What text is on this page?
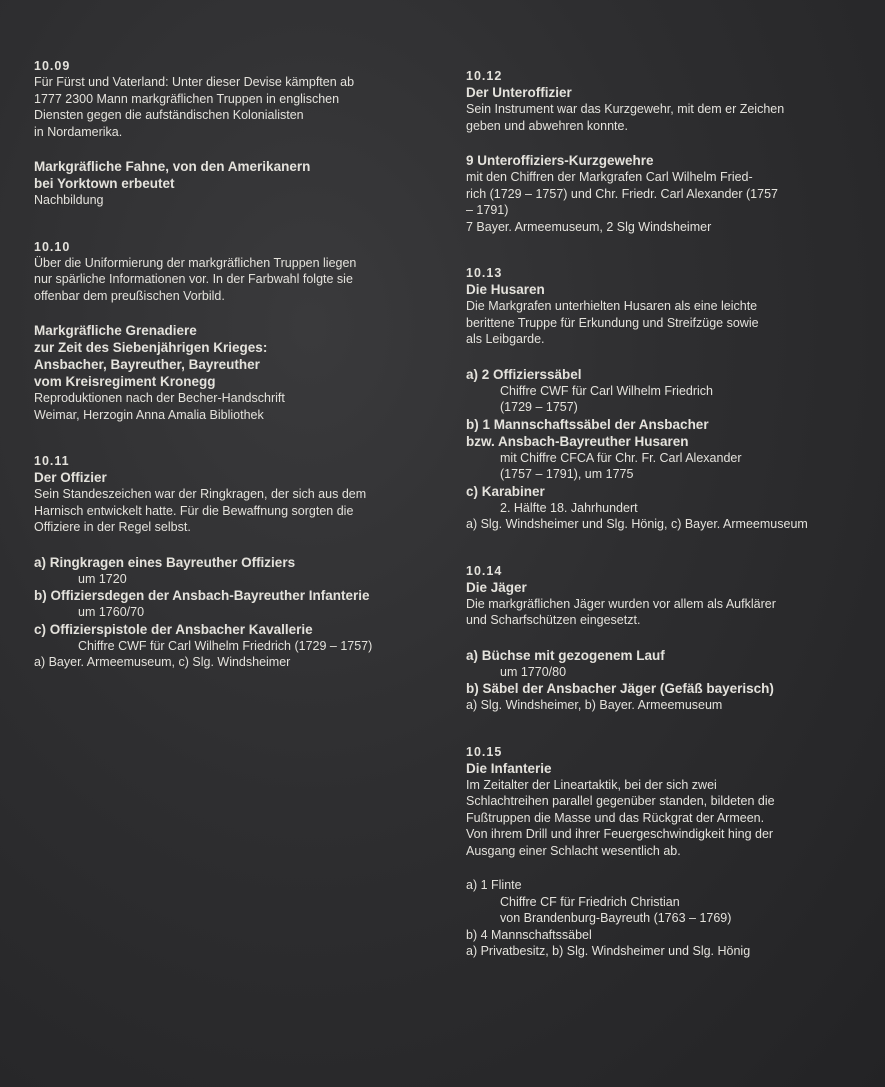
10.09
Für Fürst und Vaterland: Unter dieser Devise kämpften ab
1777 2300 Mann markgräflichen Truppen in englischen
Diensten gegen die aufständischen Kolonialisten
in Nordamerika.
Markgräfliche Fahne, von den Amerikanern
bei Yorktown erbeutet
Nachbildung
10.10
Über die Uniformierung der markgräflichen Truppen liegen
nur spärliche Informationen vor. In der Farbwahl folgte sie
offenbar dem preußischen Vorbild.
Markgräfliche Grenadiere
zur Zeit des Siebenjährigen Krieges:
Ansbacher, Bayreuther, Bayreuther
vom Kreisregiment Kronegg
Reproduktionen nach der Becher-Handschrift
Weimar, Herzogin Anna Amalia Bibliothek
10.11
Der Offizier
Sein Standeszeichen war der Ringkragen, der sich aus dem
Harnisch entwickelt hatte. Für die Bewaffnung sorgten die
Offiziere in der Regel selbst.
a) Ringkragen eines Bayreuther Offiziers
um 1720
b) Offiziersdegen der Ansbach-Bayreuther Infanterie
um 1760/70
c) Offizierspistole der Ansbacher Kavallerie
Chiffre CWF für Carl Wilhelm Friedrich (1729 – 1757)
a) Bayer. Armeemuseum, c) Slg. Windsheimer
10.12
Der Unteroffizier
Sein Instrument war das Kurzgewehr, mit dem er Zeichen
geben und abwehren konnte.
9 Unteroffiziers-Kurzgewehre
mit den Chiffren der Markgrafen Carl Wilhelm Fried-
rich (1729 – 1757) und Chr. Friedr. Carl Alexander (1757
– 1791)
7 Bayer. Armeemuseum, 2 Slg Windsheimer
10.13
Die Husaren
Die Markgrafen unterhielten Husaren als eine leichte
berittene Truppe für Erkundung und Streifzüge sowie
als Leibgarde.
a) 2 Offizierssäbel
Chiffre CWF für Carl Wilhelm Friedrich
(1729 – 1757)
b) 1 Mannschaftssäbel der Ansbacher
bzw. Ansbach-Bayreuther Husaren
mit Chiffre CFCA für Chr. Fr. Carl Alexander
(1757 – 1791), um 1775
c) Karabiner
2. Hälfte 18. Jahrhundert
a) Slg. Windsheimer und Slg. Hönig, c) Bayer. Armeemuseum
10.14
Die Jäger
Die markgräflichen Jäger wurden vor allem als Aufklärer
und Scharfschützen eingesetzt.
a) Büchse mit gezogenem Lauf
um 1770/80
b) Säbel der Ansbacher Jäger (Gefäß bayerisch)
a) Slg. Windsheimer, b) Bayer. Armeemuseum
10.15
Die Infanterie
Im Zeitalter der Lineartaktik, bei der sich zwei
Schlachtreihen parallel gegenüber standen, bildeten die
Fußtruppen die Masse und das Rückgrat der Armeen.
Von ihrem Drill und ihrer Feuergeschwindigkeit hing der
Ausgang einer Schlacht wesentlich ab.
a) 1 Flinte
Chiffre CF für Friedrich Christian
von Brandenburg-Bayreuth (1763 – 1769)
b) 4 Mannschaftssäbel
a) Privatbesitz, b) Slg. Windsheimer und Slg. Hönig
